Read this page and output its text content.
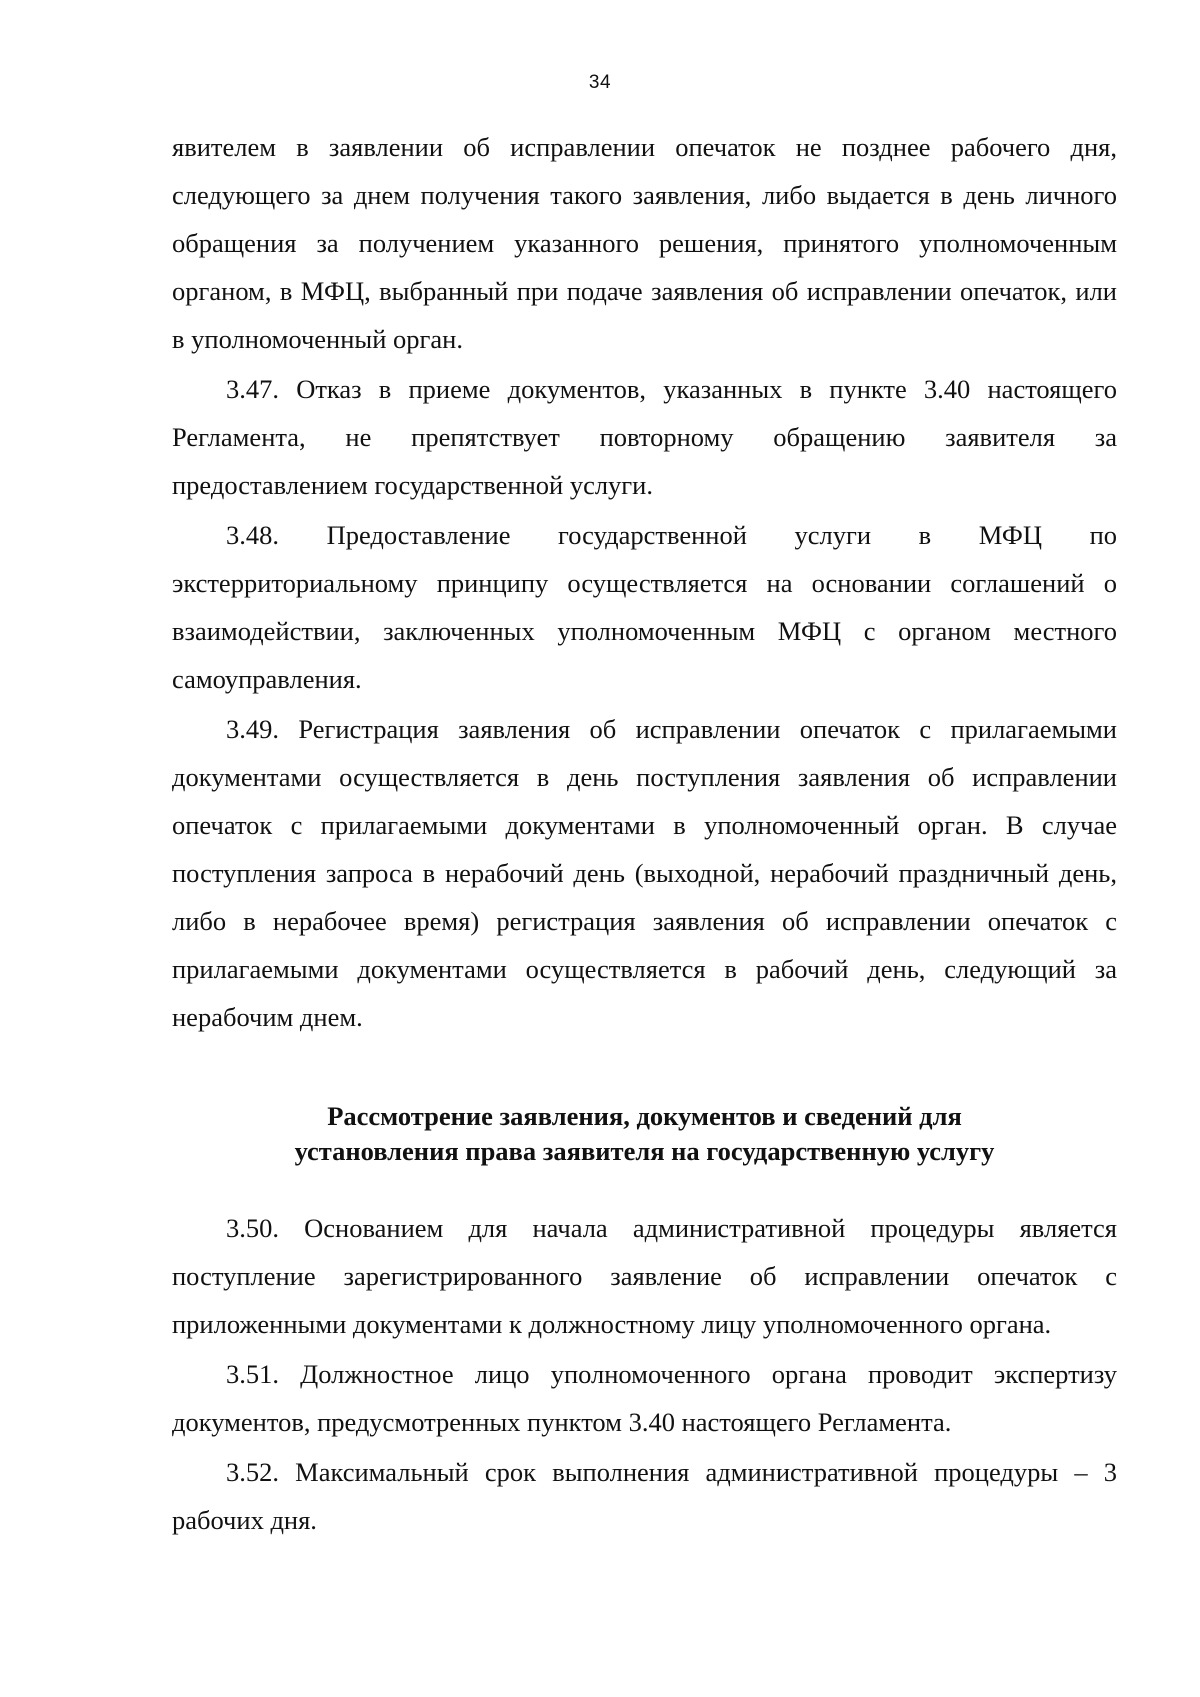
34

явителем в заявлении об исправлении опечаток не позднее рабочего дня, следующего за днем получения такого заявления, либо выдается в день личного обращения за получением указанного решения, принятого уполномоченным органом, в МФЦ, выбранный при подаче заявления об исправлении опечаток, или в уполномоченный орган.

3.47. Отказ в приеме документов, указанных в пункте 3.40 настоящего Регламента, не препятствует повторному обращению заявителя за предоставлением государственной услуги.

3.48. Предоставление государственной услуги в МФЦ по экстерриториальному принципу осуществляется на основании соглашений о взаимодействии, заключенных уполномоченным МФЦ с органом местного самоуправления.

3.49. Регистрация заявления об исправлении опечаток с прилагаемыми документами осуществляется в день поступления заявления об исправлении опечаток с прилагаемыми документами в уполномоченный орган. В случае поступления запроса в нерабочий день (выходной, нерабочий праздничный день, либо в нерабочее время) регистрация заявления об исправлении опечаток с прилагаемыми документами осуществляется в рабочий день, следующий за нерабочим днем.

Рассмотрение заявления, документов и сведений для
установления права заявителя на государственную услугу

3.50. Основанием для начала административной процедуры является поступление зарегистрированного заявление об исправлении опечаток с приложенными документами к должностному лицу уполномоченного органа.

3.51. Должностное лицо уполномоченного органа проводит экспертизу документов, предусмотренных пунктом 3.40 настоящего Регламента.

3.52. Максимальный срок выполнения административной процедуры – 3 рабочих дня.
